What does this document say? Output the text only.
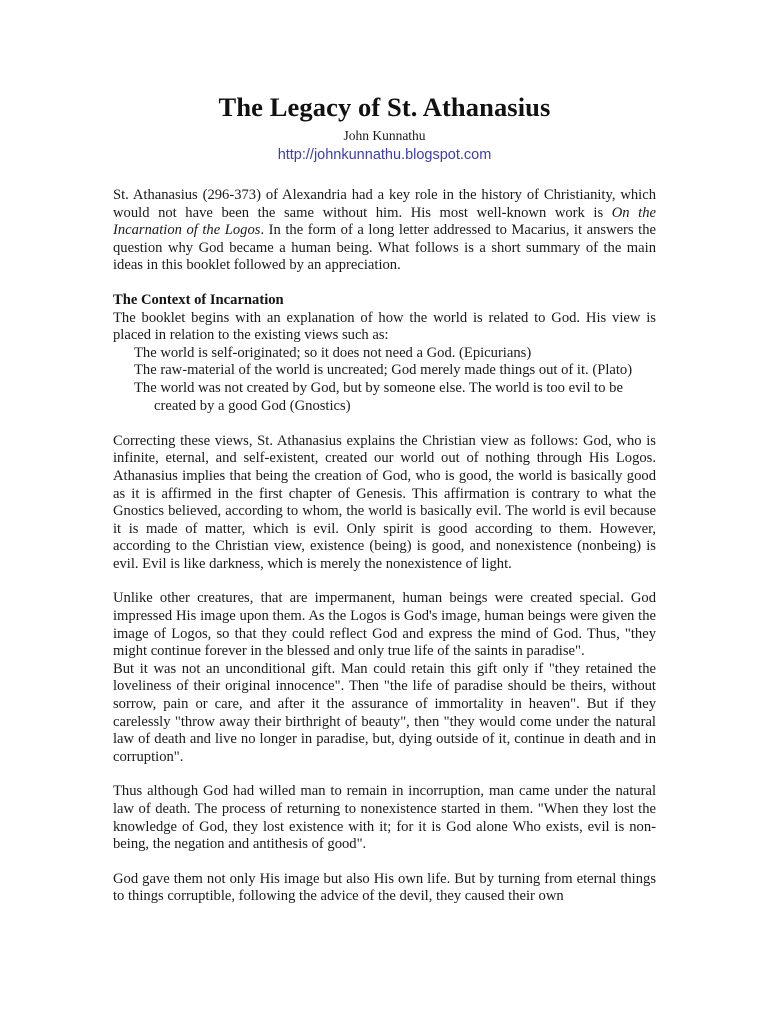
The Legacy of St. Athanasius
John Kunnathu
http://johnkunnathu.blogspot.com

St. Athanasius (296-373) of Alexandria had a key role in the history of Christianity, which would not have been the same without him. His most well-known work is On the Incarnation of the Logos. In the form of a long letter addressed to Macarius, it answers the question why God became a human being. What follows is a short summary of the main ideas in this booklet followed by an appreciation.

The Context of Incarnation

The booklet begins with an explanation of how the world is related to God. His view is placed in relation to the existing views such as:

The world is self-originated; so it does not need a God. (Epicurians)
The raw-material of the world is uncreated; God merely made things out of it. (Plato)
The world was not created by God, but by someone else. The world is too evil to be
created by a good God (Gnostics)

Correcting these views, St. Athanasius explains the Christian view as follows: God, who is infinite, eternal, and self-existent, created our world out of nothing through His Logos. Athanasius implies that being the creation of God, who is good, the world is basically good as it is affirmed in the first chapter of Genesis. This affirmation is contrary to what the Gnostics believed, according to whom, the world is basically evil. The world is evil because it is made of matter, which is evil. Only spirit is good according to them. However, according to the Christian view, existence (being) is good, and nonexistence (nonbeing) is evil. Evil is like darkness, which is merely the nonexistence of light.

Unlike other creatures, that are impermanent, human beings were created special. God impressed His image upon them. As the Logos is God's image, human beings were given the image of Logos, so that they could reflect God and express the mind of God. Thus, "they might continue forever in the blessed and only true life of the saints in paradise".

But it was not an unconditional gift. Man could retain this gift only if "they retained the loveliness of their original innocence". Then "the life of paradise should be theirs, without sorrow, pain or care, and after it the assurance of immortality in heaven". But if they carelessly "throw away their birthright of beauty", then "they would come under the natural law of death and live no longer in paradise, but, dying outside of it, continue in death and in corruption".

Thus although God had willed man to remain in incorruption, man came under the natural law of death. The process of returning to nonexistence started in them. "When they lost the knowledge of God, they lost existence with it; for it is God alone Who exists, evil is non-being, the negation and antithesis of good".

God gave them not only His image but also His own life. But by turning from eternal things to things corruptible, following the advice of the devil, they caused their own
